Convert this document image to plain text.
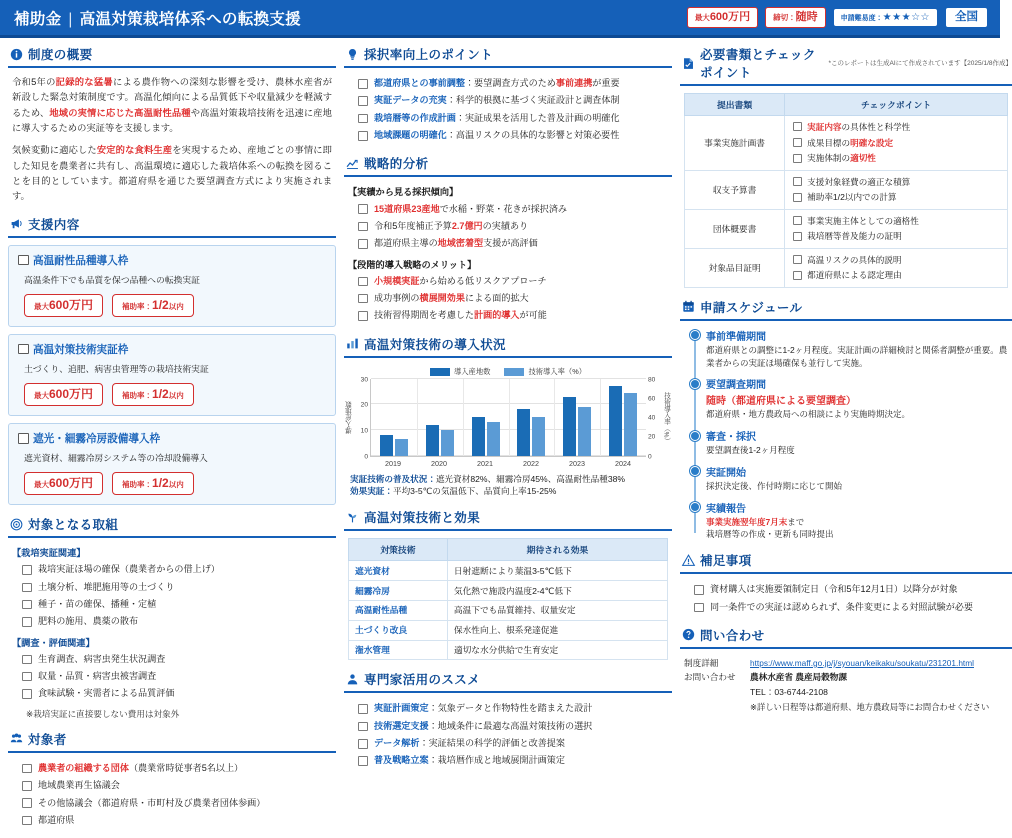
補助金 | 高温対策栽培体系への転換支援	最大 600万円	締切： 随時	申請難易度： ★★★☆☆	全国
制度の概要

令和5年の記録的な猛暑による農作物への深刻な影響を受け、農林水産省が新設した緊急対策制度です。高温化傾向による品質低下や収量減少を軽減するため、地域の実情に応じた高温耐性品種や高温対策栽培技術を迅速に産地に導入するための実証等を支援します。

気候変動に適応した安定的な食料生産を実現するため、産地ごとの事情に即した知見を農業者に共有し、高温環境に適応した栽培体系への転換を図ることを目的としています。都道府県を通じた要望調査方式により実施されます。

支援内容
高温耐性品種導入枠
高温条件下でも品質を保つ品種への転換実証
最大 600万円	補助率： 1/2 以内
高温対策技術実証枠
土づくり、追肥、病害虫管理等の栽培技術実証
最大 600万円	補助率： 1/2 以内
遮光・細霧冷房設備導入枠
遮光資材、細霧冷房システム等の冷却設備導入
最大 600万円	補助率： 1/2 以内
対象となる取組
【栽培実証関連】
栽培実証ほ場の確保（農業者からの借上げ）
土壌分析、堆肥施用等の土づくり
種子・苗の確保、播種・定植
肥料の施用、農薬の散布
【調査・評価関連】
生育調査、病害虫発生状況調査
収量・品質・病害虫被害調査
食味試験・実需者による品質評価
※栽培実証に直接要しない費用は対象外
対象者
農業者の組織する団体（農業常時従事者5名以上）
地域農業再生協議会
その他協議会（都道府県・市町村及び農業者団体参画）
都道府県
採択率向上のポイント
都道府県との事前調整：要望調査方式のため事前連携が重要
実証データの充実：科学的根拠に基づく実証設計と調査体制
栽培暦等の作成計画：実証成果を活用した普及計画の明確化
地域課題の明確化：高温リスクの具体的な影響と対策必要性
戦略的分析
【実績から見る採択傾向】
15道府県23産地で水稲・野菜・花きが採択済み
令和5年度補正予算2.7億円の実績あり
都道府県主導の地域密着型支援が高評価
【段階的導入戦略のメリット】
小規模実証から始める低リスクアプローチ
成功事例の横展開効果による面的拡大
技術習得期間を考慮した計画的導入が可能
高温対策技術の導入状況
導入産地数	技術導入率（%）
導入産地数
0
10
20
30
0
20
40
60
80
技術導入率（%）
2019	2020	2021	2022	2023	2024
実証技術の普及状況：遮光資材82%、細霧冷房45%、高温耐性品種38%
効果実証：平均3-5℃の気温低下、品質向上率15-25%
高温対策技術と効果
対策技術	期待される効果
遮光資材	日射遮断により葉温3-5℃低下
細霧冷房	気化熱で施設内温度2-4℃低下
高温耐性品種	高温下でも品質維持、収量安定
土づくり改良	保水性向上、根系発達促進
潅水管理	適切な水分供給で生育安定
専門家活用のススメ
実証計画策定：気象データと作物特性を踏まえた設計
技術選定支援：地域条件に最適な高温対策技術の選択
データ解析：実証結果の科学的評価と改善提案
普及戦略立案：栽培暦作成と地域展開計画策定
必要書類とチェックポイント
*このレポートは生成AIにて作成されています【2025/1/8作成】
提出書類	チェックポイント
事業実施計画書	
実証内容の具体性と科学性
成果目標の明確な設定
実施体制の適切性

収支予算書	
支援対象経費の適正な積算
補助率1/2以内での計算

団体概要書	
事業実施主体としての適格性
栽培暦等普及能力の証明

対象品目証明	
高温リスクの具体的説明
都道府県による認定理由
申請スケジュール
事前準備期間
都道府県との調整に1-2ヶ月程度。実証計画の詳細検討と関係者調整が重要。農業者からの実証ほ場確保も並行して実施。
要望調査期間
随時（都道府県による要望調査）
都道府県・地方農政局への相談により実施時期決定。
審査・採択
要望調査後1-2ヶ月程度
実証開始
採択決定後、作付時期に応じて開始
実績報告
事業実施翌年度7月末まで
栽培暦等の作成・更新も同時提出
補足事項
資材購入は実施要領制定日（令和5年12月1日）以降分が対象
同一条件での実証は認められず、条件変更による対照試験が必要
問い合わせ
制度詳細	https://www.maff.go.jp/j/syouan/keikaku/soukatu/231201.html
お問い合わせ	農林水産省 農産局穀物課
TEL：03-6744-2108
※詳しい日程等は都道府県、地方農政局等にお問合わせください
